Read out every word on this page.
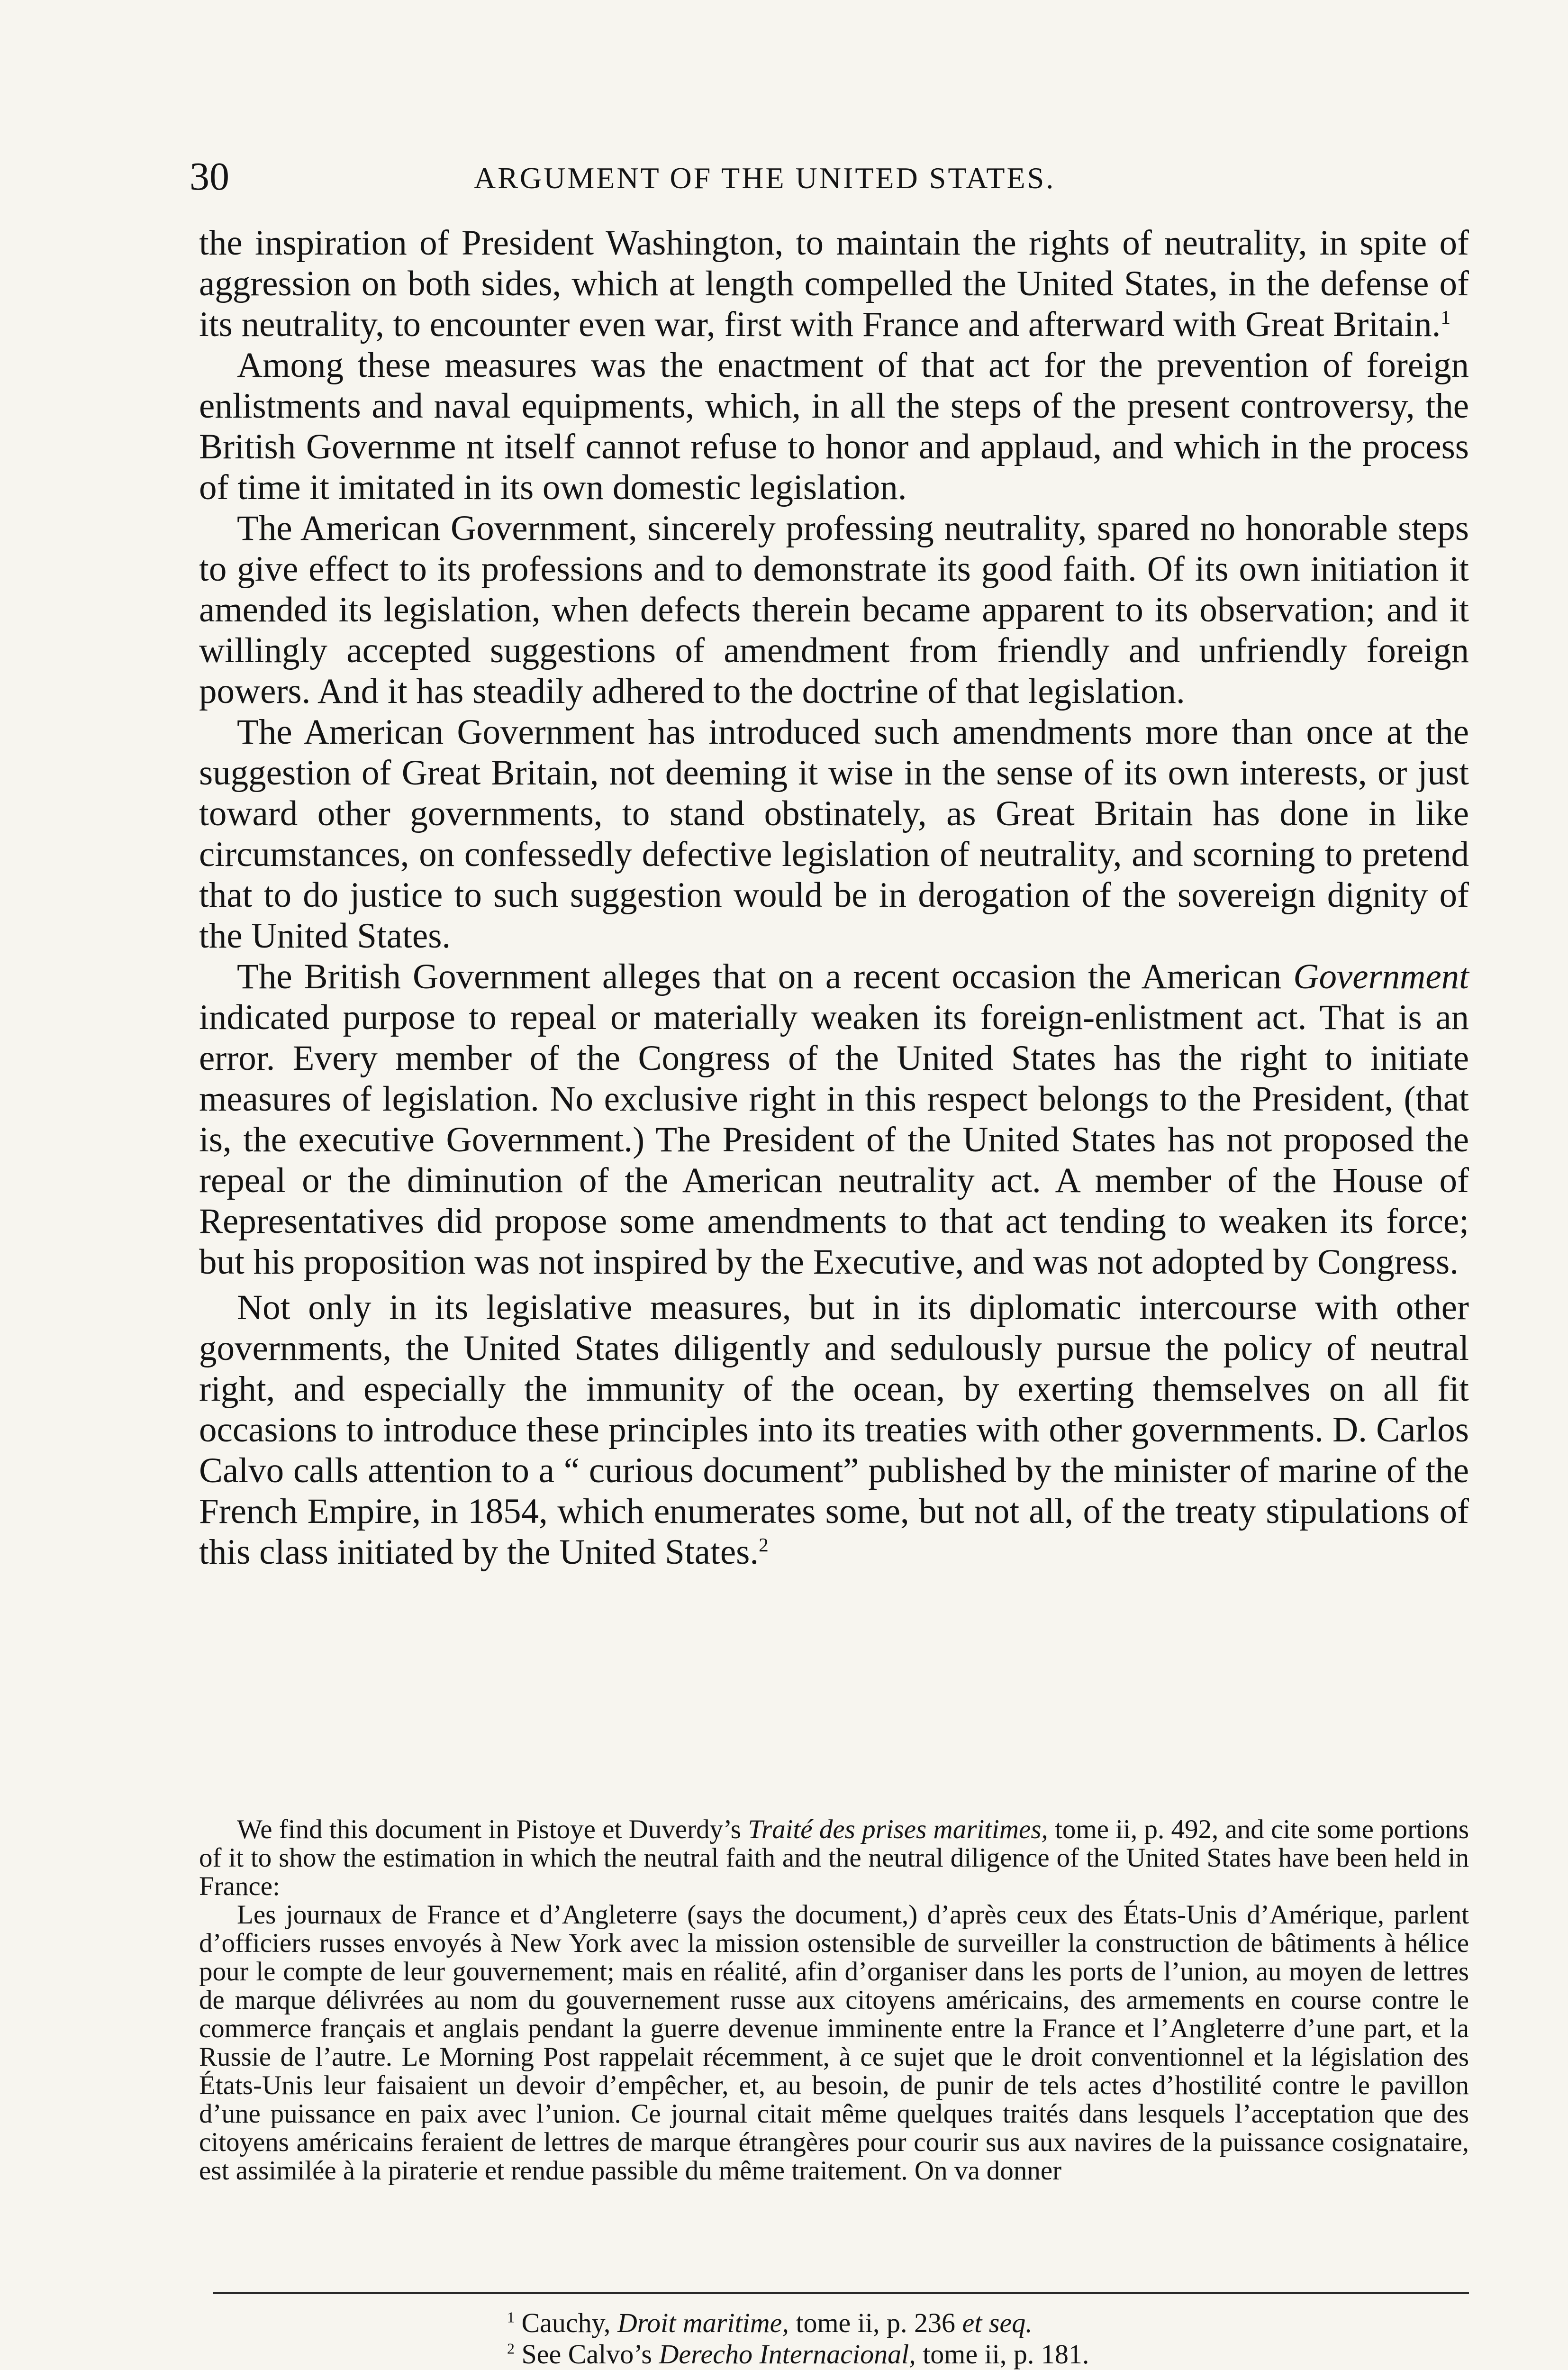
30	ARGUMENT OF THE UNITED STATES.

the inspiration of President Washington, to maintain the rights of neutrality, in spite of aggression on both sides, which at length compelled the United States, in the defense of its neutrality, to encounter even war, first with France and afterward with Great Britain.$^1$

Among these measures was the enactment of that act for the prevention of foreign enlistments and naval equipments, which, in all the steps of the present controversy, the British Governme nt itself cannot refuse to honor and applaud, and which in the process of time it imitated in its own domestic legislation.

The American Government, sincerely professing neutrality, spared no honorable steps to give effect to its professions and to demonstrate its good faith. Of its own initiation it amended its legislation, when defects therein became apparent to its observation; and it willingly accepted suggestions of amendment from friendly and unfriendly foreign powers. And it has steadily adhered to the doctrine of that legislation.

The American Government has introduced such amendments more than once at the suggestion of Great Britain, not deeming it wise in the sense of its own interests, or just toward other governments, to stand obstinately, as Great Britain has done in like circumstances, on confessedly defective legislation of neutrality, and scorning to pretend that to do justice to such suggestion would be in derogation of the sovereign dignity of the United States.

The British Government alleges that on a recent occasion the American Government indicated purpose to repeal or materially weaken its foreign-enlistment act. That is an error. Every member of the Congress of the United States has the right to initiate measures of legislation. No exclusive right in this respect belongs to the President, (that is, the executive Government.) The President of the United States has not proposed the repeal or the diminution of the American neutrality act. A member of the House of Representatives did propose some amendments to that act tending to weaken its force; but his proposition was not inspired by the Executive, and was not adopted by Congress.

Not only in its legislative measures, but in its diplomatic intercourse with other governments, the United States diligently and sedulously pursue the policy of neutral right, and especially the immunity of the ocean, by exerting themselves on all fit occasions to introduce these principles into its treaties with other governments. D. Carlos Calvo calls attention to a “ curious document” published by the minister of marine of the French Empire, in 1854, which enumerates some, but not all, of the treaty stipulations of this class initiated by the United States.$^2$

We find this document in Pistoye et Duverdy’s Traité des prises maritimes, tome ii, p. 492, and cite some portions of it to show the estimation in which the neutral faith and the neutral diligence of the United States have been held in France:

Les journaux de France et d’Angleterre (says the document,) d’après ceux des États-Unis d’Amérique, parlent d’officiers russes envoyés à New York avec la mission ostensible de surveiller la construction de bâtiments à hélice pour le compte de leur gouvernement; mais en réalité, afin d’organiser dans les ports de l’union, au moyen de lettres de marque délivrées au nom du gouvernement russe aux citoyens américains, des armements en course contre le commerce français et anglais pendant la guerre devenue imminente entre la France et l’Angleterre d’une part, et la Russie de l’autre. Le Morning Post rappelait récemment, à ce sujet que le droit conventionnel et la législation des États-Unis leur faisaient un devoir d’empêcher, et, au besoin, de punir de tels actes d’hostilité contre le pavillon d’une puissance en paix avec l’union. Ce journal citait même quelques traités dans lesquels l’acceptation que des citoyens américains feraient de lettres de marque étrangères pour courir sus aux navires de la puissance cosignataire, est assimilée à la piraterie et rendue passible du même traitement. On va donner

$^1$ Cauchy, Droit maritime, tome ii, p. 236 et seq.

$^2$ See Calvo’s Derecho Internacional, tome ii, p. 181.
